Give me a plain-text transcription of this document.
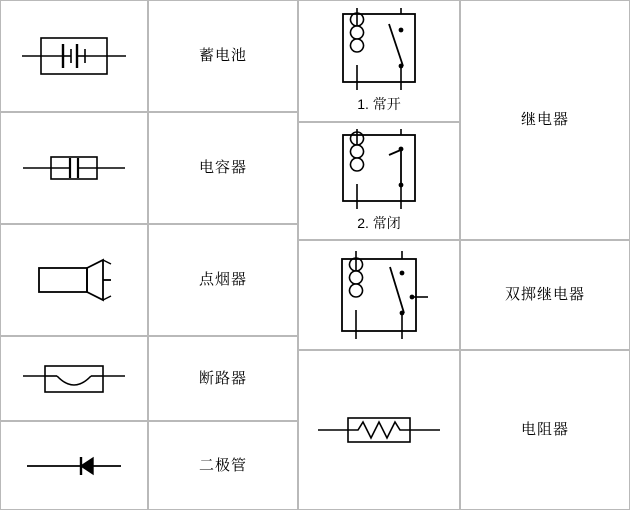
蓄电池
电容器
点烟器
断路器
二极管
1. 常开
2. 常闭
继电器
双掷继电器
电阻器
